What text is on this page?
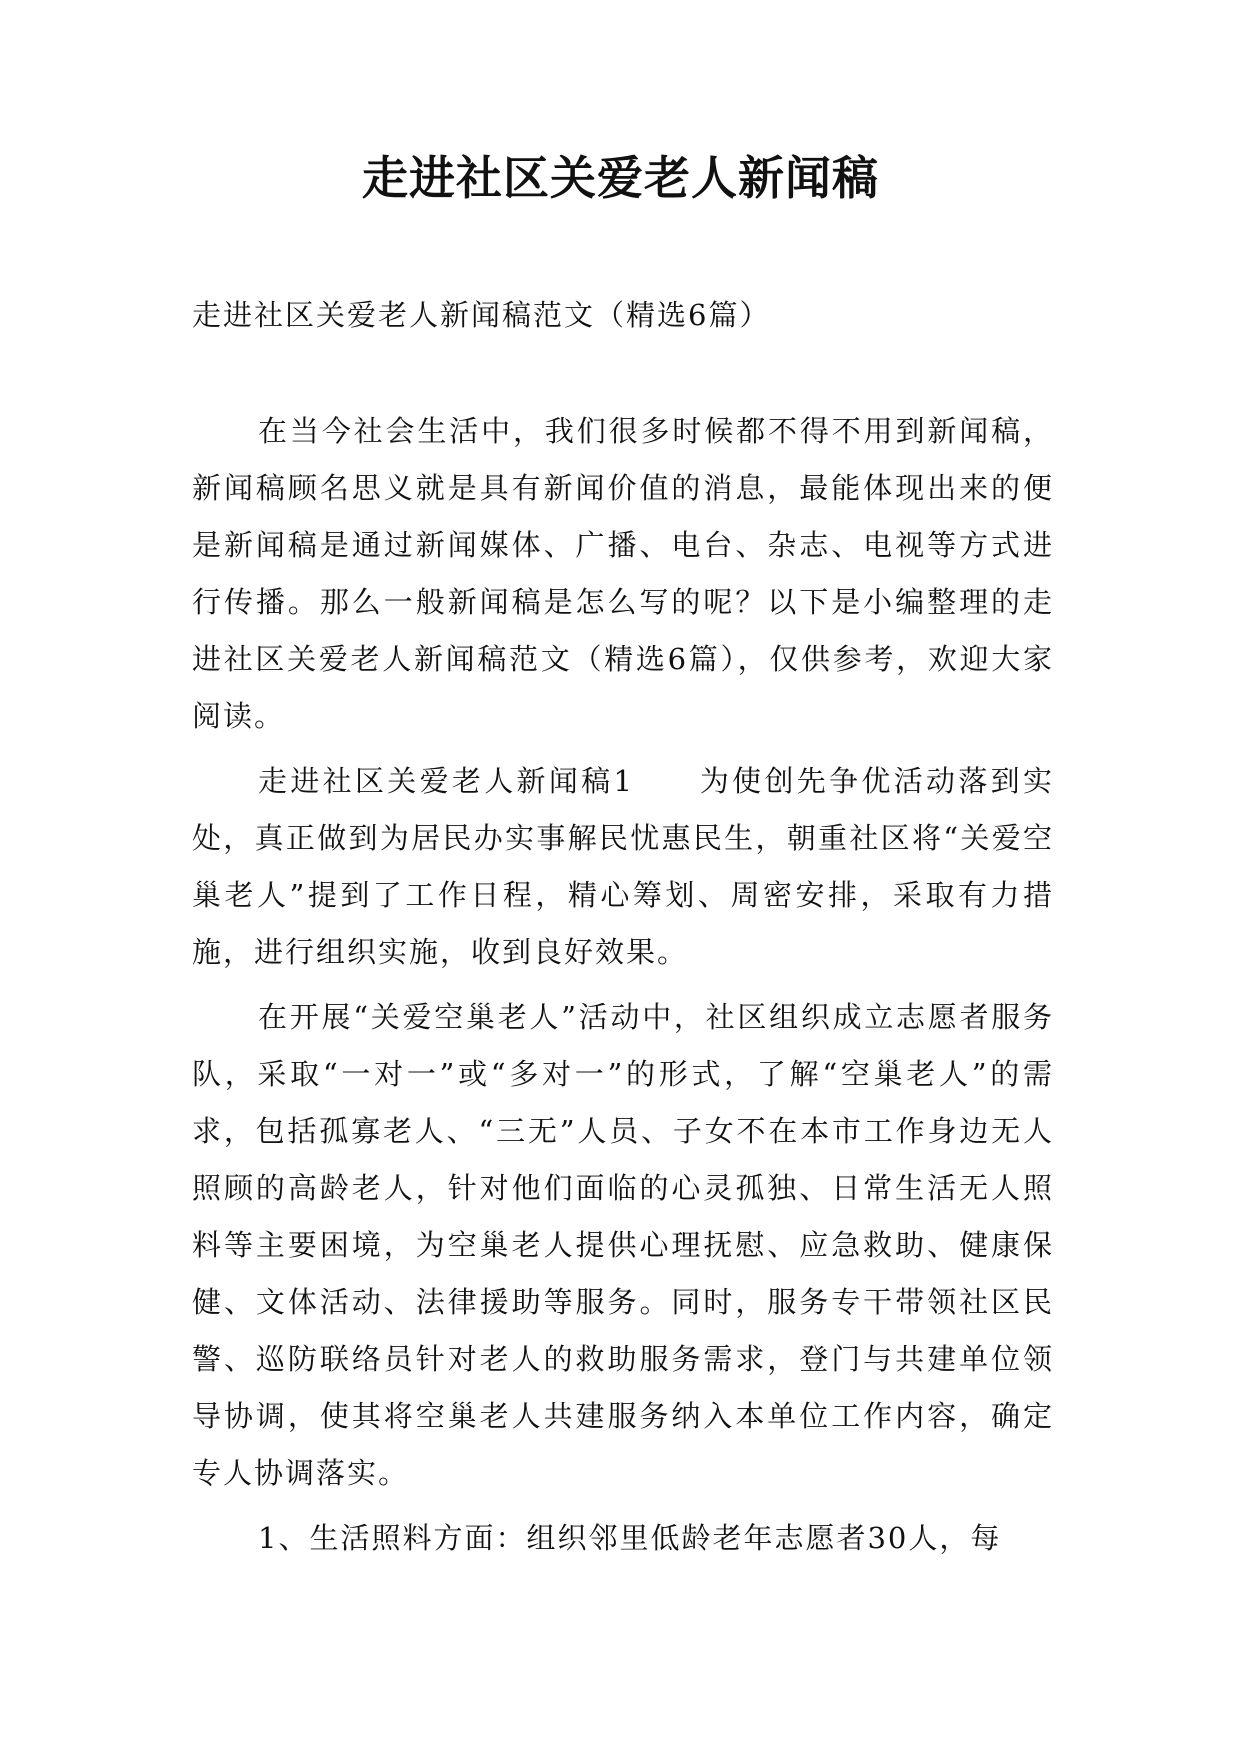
走进社区关爱老人新闻稿

走进社区关爱老人新闻稿范文（精选6篇）

在当今社会生活中，我们很多时候都不得不用到新闻稿，新闻稿顾名思义就是具有新闻价值的消息，最能体现出来的便是新闻稿是通过新闻媒体、广播、电台、杂志、电视等方式进行传播。那么一般新闻稿是怎么写的呢？以下是小编整理的走进社区关爱老人新闻稿范文（精选6篇），仅供参考，欢迎大家阅读。

走进社区关爱老人新闻稿1　　为使创先争优活动落到实处，真正做到为居民办实事解民忧惠民生，朝重社区将“关爱空巢老人”提到了工作日程，精心筹划、周密安排，采取有力措施，进行组织实施，收到良好效果。

在开展“关爱空巢老人”活动中，社区组织成立志愿者服务队，采取“一对一”或“多对一”的形式，了解“空巢老人”的需求，包括孤寡老人、“三无”人员、子女不在本市工作身边无人照顾的高龄老人，针对他们面临的心灵孤独、日常生活无人照料等主要困境，为空巢老人提供心理抚慰、应急救助、健康保健、文体活动、法律援助等服务。同时，服务专干带领社区民警、巡防联络员针对老人的救助服务需求，登门与共建单位领导协调，使其将空巢老人共建服务纳入本单位工作内容，确定专人协调落实。

1、生活照料方面：组织邻里低龄老年志愿者30人，每
